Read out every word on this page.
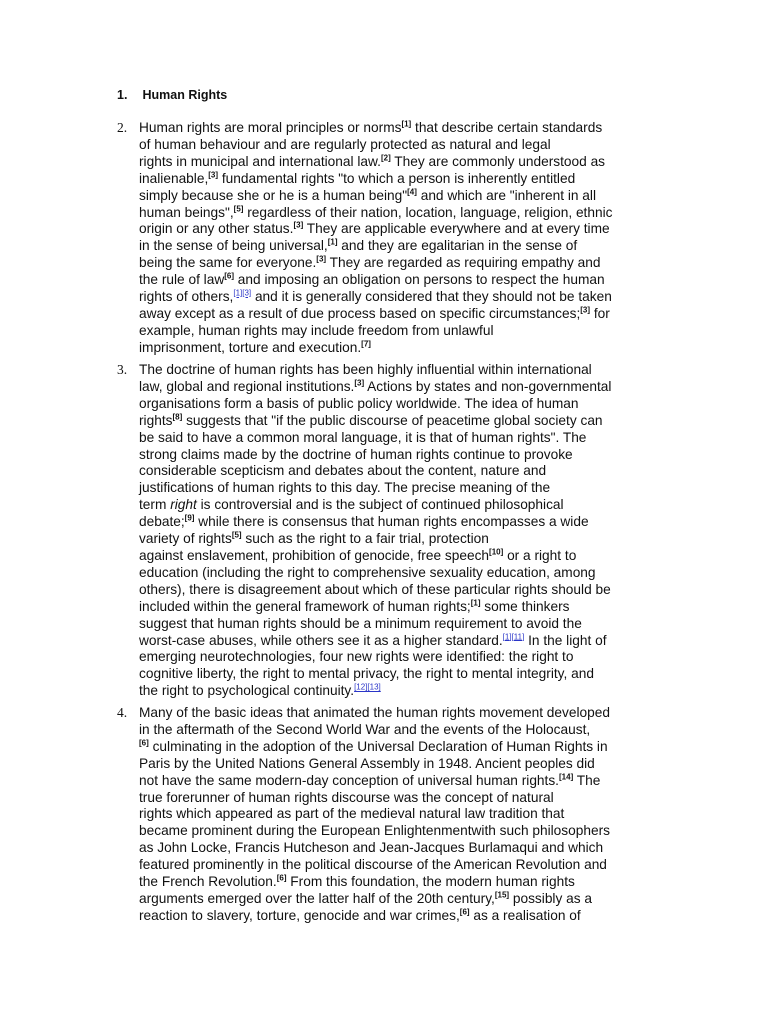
1. Human Rights
2. Human rights are moral principles or norms[1] that describe certain standards
of human behaviour and are regularly protected as natural and legal
rights in municipal and international law.[2] They are commonly understood as
inalienable,[3] fundamental rights "to which a person is inherently entitled
simply because she or he is a human being"[4] and which are "inherent in all
human beings",[5] regardless of their nation, location, language, religion, ethnic
origin or any other status.[3] They are applicable everywhere and at every time
in the sense of being universal,[1] and they are egalitarian in the sense of
being the same for everyone.[3] They are regarded as requiring empathy and
the rule of law[6] and imposing an obligation on persons to respect the human
rights of others,[1][3] and it is generally considered that they should not be taken
away except as a result of due process based on specific circumstances;[3] for
example, human rights may include freedom from unlawful
imprisonment, torture and execution.[7]
3. The doctrine of human rights has been highly influential within international
law, global and regional institutions.[3] Actions by states and non-governmental
organisations form a basis of public policy worldwide. The idea of human
rights[8] suggests that "if the public discourse of peacetime global society can
be said to have a common moral language, it is that of human rights". The
strong claims made by the doctrine of human rights continue to provoke
considerable scepticism and debates about the content, nature and
justifications of human rights to this day. The precise meaning of the
term right is controversial and is the subject of continued philosophical
debate;[9] while there is consensus that human rights encompasses a wide
variety of rights[5] such as the right to a fair trial, protection
against enslavement, prohibition of genocide, free speech[10] or a right to
education (including the right to comprehensive sexuality education, among
others), there is disagreement about which of these particular rights should be
included within the general framework of human rights;[1] some thinkers
suggest that human rights should be a minimum requirement to avoid the
worst-case abuses, while others see it as a higher standard.[1][11] In the light of
emerging neurotechnologies, four new rights were identified: the right to
cognitive liberty, the right to mental privacy, the right to mental integrity, and
the right to psychological continuity.[12][13]
4. Many of the basic ideas that animated the human rights movement developed
in the aftermath of the Second World War and the events of the Holocaust,
[6] culminating in the adoption of the Universal Declaration of Human Rights in
Paris by the United Nations General Assembly in 1948. Ancient peoples did
not have the same modern-day conception of universal human rights.[14] The
true forerunner of human rights discourse was the concept of natural
rights which appeared as part of the medieval natural law tradition that
became prominent during the European Enlightenmentwith such philosophers
as John Locke, Francis Hutcheson and Jean-Jacques Burlamaqui and which
featured prominently in the political discourse of the American Revolution and
the French Revolution.[6] From this foundation, the modern human rights
arguments emerged over the latter half of the 20th century,[15] possibly as a
reaction to slavery, torture, genocide and war crimes,[6] as a realisation of
